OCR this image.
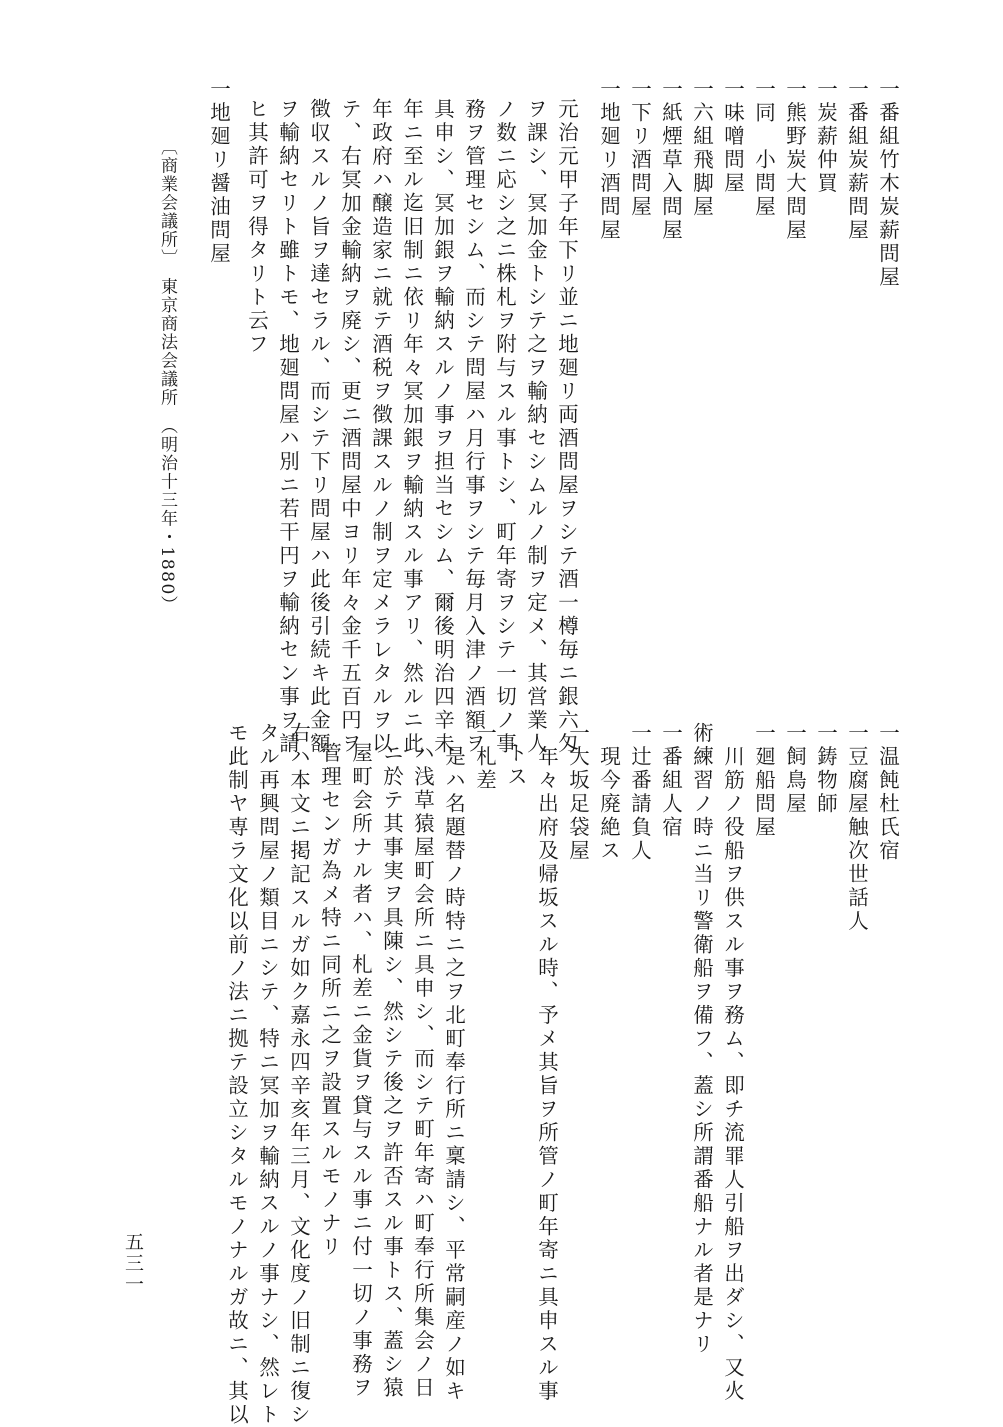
一番組竹木炭薪問屋
一番組炭薪問屋
一炭薪仲買
一熊野炭大問屋
一同　小問屋
一味噌問屋
一六組飛脚屋
一紙煙草入問屋
一下リ酒問屋
一地廻リ酒問屋
元治元甲子年下リ並ニ地廻リ両酒問屋ヲシテ酒一樽毎ニ銀六匁
ヲ課シ、冥加金トシテ之ヲ輸納セシムルノ制ヲ定メ、其営業人
ノ数ニ応シ之ニ株札ヲ附与スル事トシ、町年寄ヲシテ一切ノ事
務ヲ管理セシム、而シテ問屋ハ月行事ヲシテ毎月入津ノ酒額ヲ
具申シ、冥加銀ヲ輸納スルノ事ヲ担当セシム、爾後明治四辛未
年ニ至ル迄旧制ニ依リ年々冥加銀ヲ輸納スル事アリ、然ルニ此
年政府ハ醸造家ニ就テ酒税ヲ徴課スルノ制ヲ定メラレタルヲ以
テ、右冥加金輸納ヲ廃シ、更ニ酒問屋中ヨリ年々金千五百円ヲ
徴収スルノ旨ヲ達セラル、而シテ下リ問屋ハ此後引続キ此金額
ヲ輸納セリト雖トモ、地廻問屋ハ別ニ若干円ヲ輸納セン事ヲ請
ヒ其許可ヲ得タリト云フ
一地廻リ醤油問屋
〔商業会議所〕　東京商法会議所　（明治十三年・1880）
一温飩杜氏宿
一豆腐屋触次世話人
一鋳物師
一飼鳥屋
一廻船問屋
　川筋ノ役船ヲ供スル事ヲ務ム、即チ流罪人引船ヲ出ダシ、又火
術練習ノ時ニ当リ警衛船ヲ備フ、蓋シ所謂番船ナル者是ナリ
一番組人宿
一辻番請負人
　現今廃絶ス
一大坂足袋屋
　年々出府及帰坂スル時、予メ其旨ヲ所管ノ町年寄ニ具申スル事
トス
一札差
　是ハ名題替ノ時特ニ之ヲ北町奉行所ニ稟請シ、平常嗣産ノ如キ
ハ浅草猿屋町会所ニ具申シ、而シテ町年寄ハ町奉行所集会ノ日
ニ於テ其事実ヲ具陳シ、然シテ後之ヲ許否スル事トス、蓋シ猿
屋町会所ナル者ハ、札差ニ金貨ヲ貸与スル事ニ付一切ノ事務ヲ
管理センガ為メ特ニ同所ニ之ヲ設置スルモノナリ
右ハ本文ニ掲記スルガ如ク嘉永四辛亥年三月、文化度ノ旧制ニ復シ
タル再興問屋ノ類目ニシテ、特ニ冥加ヲ輸納スルノ事ナシ、然レト
モ此制ヤ専ラ文化以前ノ法ニ拠テ設立シタルモノナルガ故ニ、其以
五三一
